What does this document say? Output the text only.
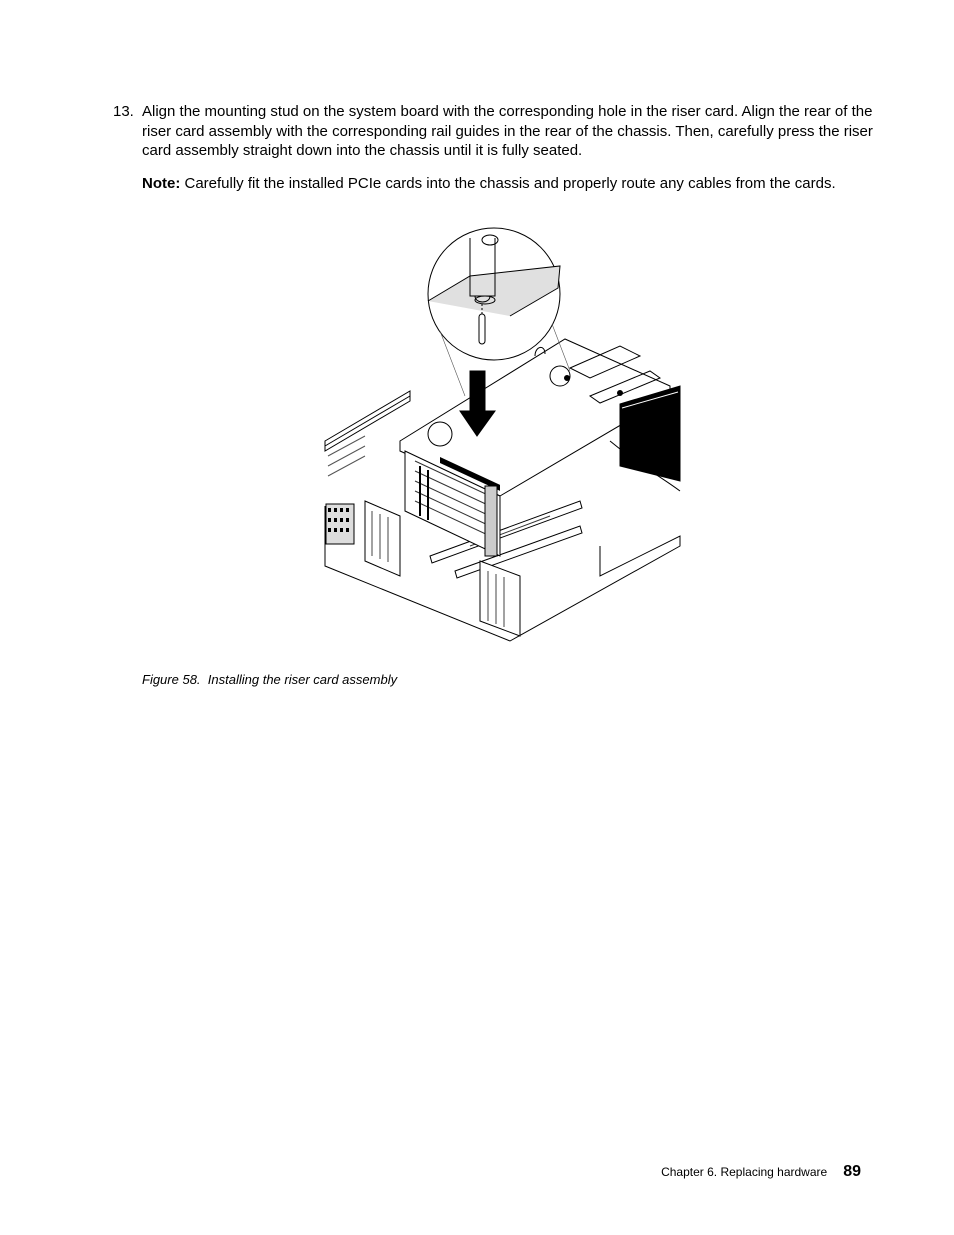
13. Align the mounting stud on the system board with the corresponding hole in the riser card. Align the rear of the riser card assembly with the corresponding rail guides in the rear of the chassis. Then, carefully press the riser card assembly straight down into the chassis until it is fully seated.
Note: Carefully fit the installed PCIe cards into the chassis and properly route any cables from the cards.
Figure 58. Installing the riser card assembly
Chapter 6. Replacing hardware 89
